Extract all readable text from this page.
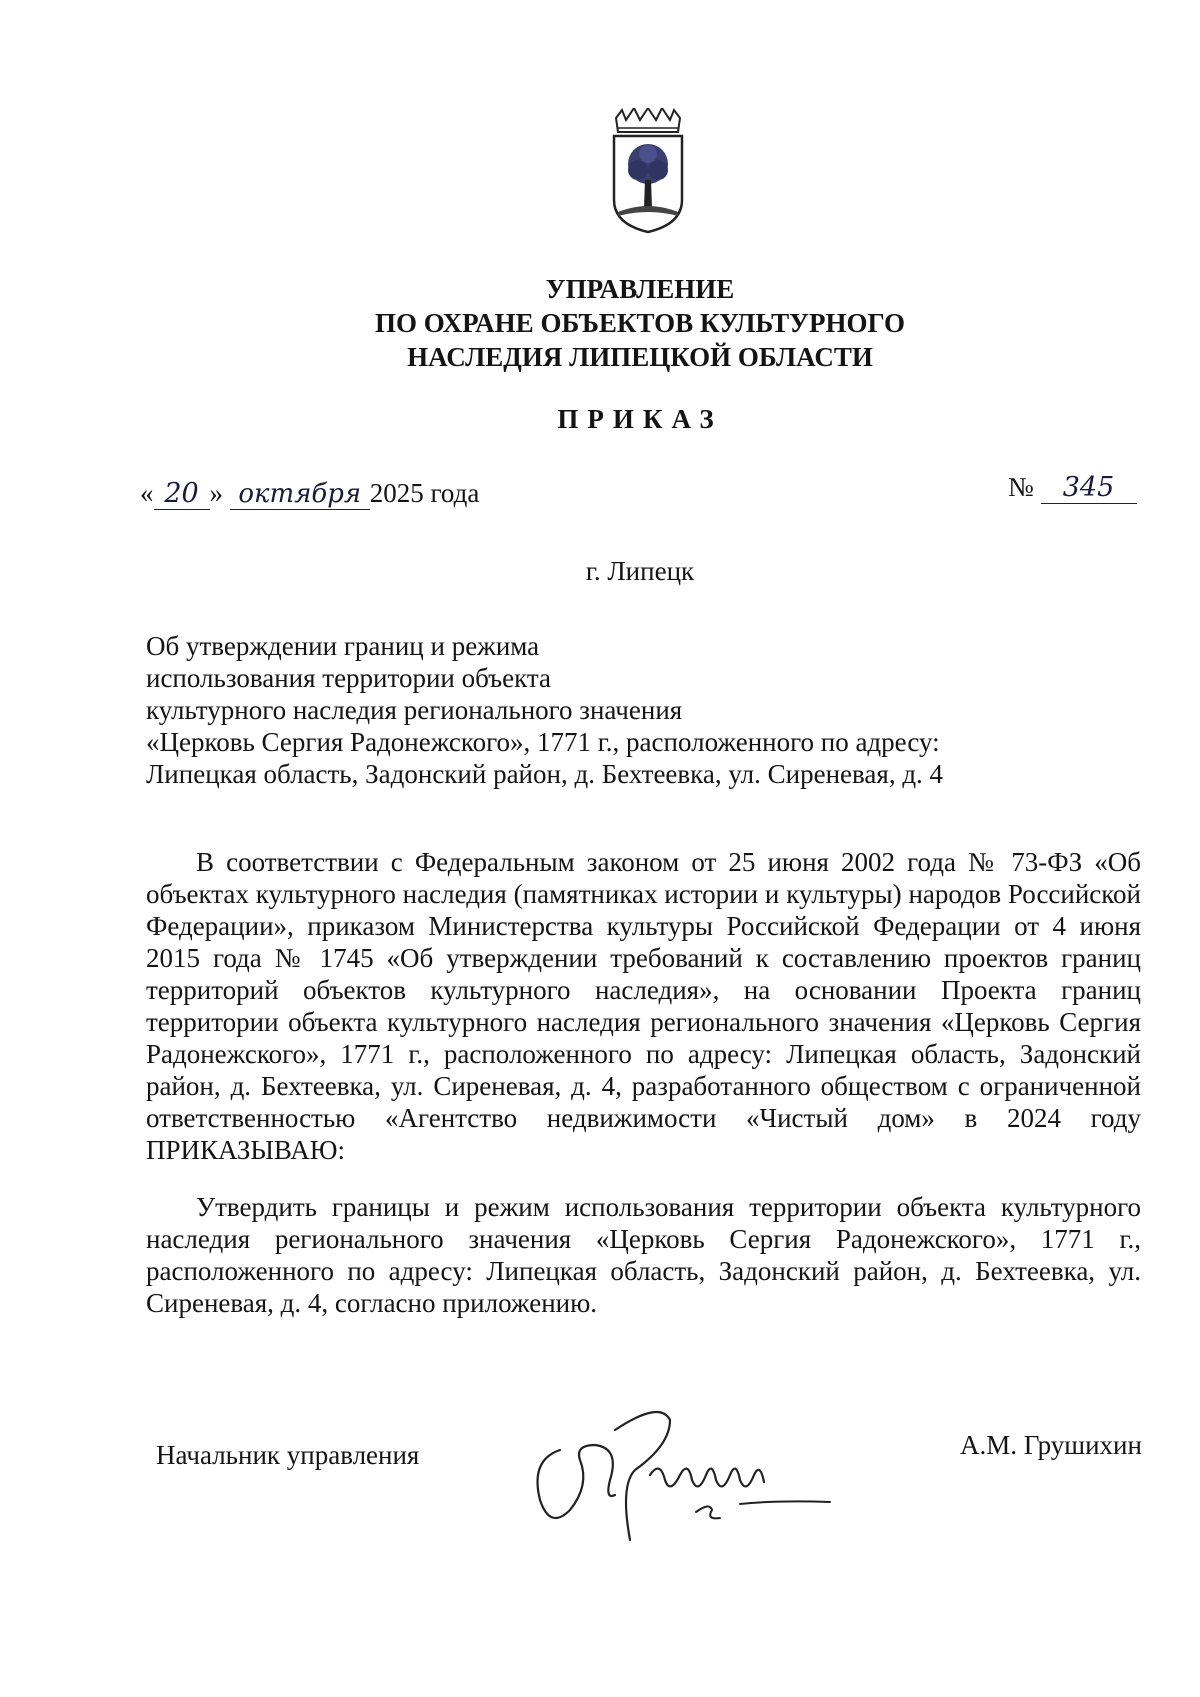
УПРАВЛЕНИЕ
ПО ОХРАНЕ ОБЪЕКТОВ КУЛЬТУРНОГО
НАСЛЕДИЯ ЛИПЕЦКОЙ ОБЛАСТИ
ПРИКАЗ
« 20 » октября 2025 года	№ 345
г. Липецк
Об утверждении границ и режима
использования территории объекта
культурного наследия регионального значения
«Церковь Сергия Радонежского», 1771 г., расположенного по адресу:
Липецкая область, Задонский район, д. Бехтеевка, ул. Сиреневая, д. 4

В соответствии с Федеральным законом от 25 июня 2002 года № 73-ФЗ «Об объектах культурного наследия (памятниках истории и культуры) народов Российской Федерации», приказом Министерства культуры Российской Федерации от 4 июня 2015 года № 1745 «Об утверждении требований к составлению проектов границ территорий объектов культурного наследия», на основании Проекта границ территории объекта культурного наследия регионального значения «Церковь Сергия Радонежского», 1771 г., расположенного по адресу: Липецкая область, Задонский район, д. Бехтеевка, ул. Сиреневая, д. 4, разработанного обществом с ограниченной ответственностью «Агентство недвижимости «Чистый дом» в 2024 году ПРИКАЗЫВАЮ:

Утвердить границы и режим использования территории объекта культурного наследия регионального значения «Церковь Сергия Радонежского», 1771 г., расположенного по адресу: Липецкая область, Задонский район, д. Бехтеевка, ул. Сиреневая, д. 4, согласно приложению.

Начальник управления	А.М. Грушихин
